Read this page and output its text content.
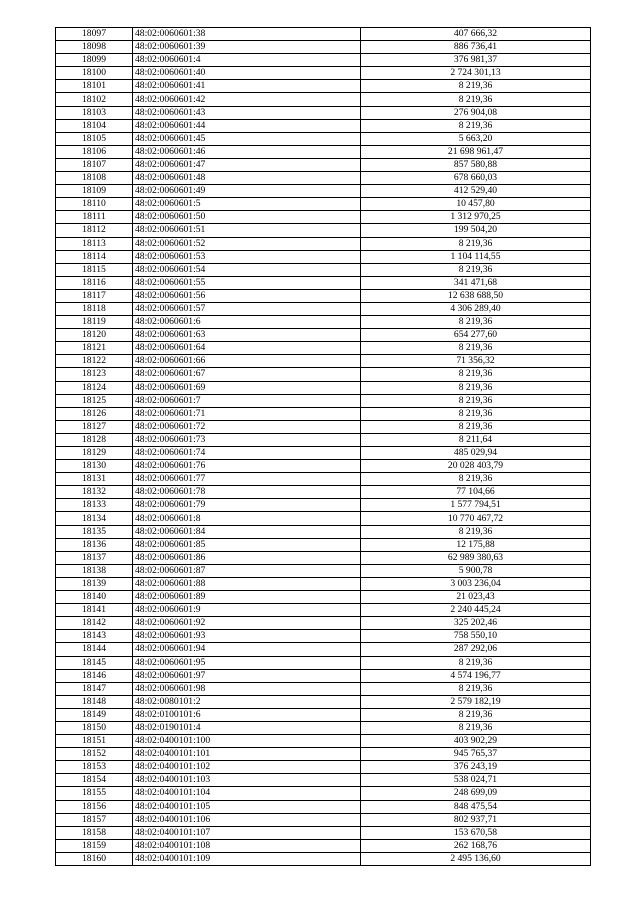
18097	48:02:0060601:38	407 666,32
18098	48:02:0060601:39	886 736,41
18099	48:02:0060601:4	376 981,37
18100	48:02:0060601:40	2 724 301,13
18101	48:02:0060601:41	8 219,36
18102	48:02:0060601:42	8 219,36
18103	48:02:0060601:43	276 904,08
18104	48:02:0060601:44	8 219,36
18105	48:02:0060601:45	5 663,20
18106	48:02:0060601:46	21 698 961,47
18107	48:02:0060601:47	857 580,88
18108	48:02:0060601:48	678 660,03
18109	48:02:0060601:49	412 529,40
18110	48:02:0060601:5	10 457,80
18111	48:02:0060601:50	1 312 970,25
18112	48:02:0060601:51	199 504,20
18113	48:02:0060601:52	8 219,36
18114	48:02:0060601:53	1 104 114,55
18115	48:02:0060601:54	8 219,36
18116	48:02:0060601:55	341 471,68
18117	48:02:0060601:56	12 638 688,50
18118	48:02:0060601:57	4 306 289,40
18119	48:02:0060601:6	8 219,36
18120	48:02:0060601:63	654 277,60
18121	48:02:0060601:64	8 219,36
18122	48:02:0060601:66	71 356,32
18123	48:02:0060601:67	8 219,36
18124	48:02:0060601:69	8 219,36
18125	48:02:0060601:7	8 219,36
18126	48:02:0060601:71	8 219,36
18127	48:02:0060601:72	8 219,36
18128	48:02:0060601:73	8 211,64
18129	48:02:0060601:74	485 029,94
18130	48:02:0060601:76	20 028 403,79
18131	48:02:0060601:77	8 219,36
18132	48:02:0060601:78	77 104,66
18133	48:02:0060601:79	1 577 794,51
18134	48:02:0060601:8	10 770 467,72
18135	48:02:0060601:84	8 219,36
18136	48:02:0060601:85	12 175,88
18137	48:02:0060601:86	62 989 380,63
18138	48:02:0060601:87	5 900,78
18139	48:02:0060601:88	3 003 236,04
18140	48:02:0060601:89	21 023,43
18141	48:02:0060601:9	2 240 445,24
18142	48:02:0060601:92	325 202,46
18143	48:02:0060601:93	758 550,10
18144	48:02:0060601:94	287 292,06
18145	48:02:0060601:95	8 219,36
18146	48:02:0060601:97	4 574 196,77
18147	48:02:0060601:98	8 219,36
18148	48:02:0080101:2	2 579 182,19
18149	48:02:0100101:6	8 219,36
18150	48:02:0190101:4	8 219,36
18151	48:02:0400101:100	403 902,29
18152	48:02:0400101:101	945 765,37
18153	48:02:0400101:102	376 243,19
18154	48:02:0400101:103	538 024,71
18155	48:02:0400101:104	248 699,09
18156	48:02:0400101:105	848 475,54
18157	48:02:0400101:106	802 937,71
18158	48:02:0400101:107	153 670,58
18159	48:02:0400101:108	262 168,76
18160	48:02:0400101:109	2 495 136,60
